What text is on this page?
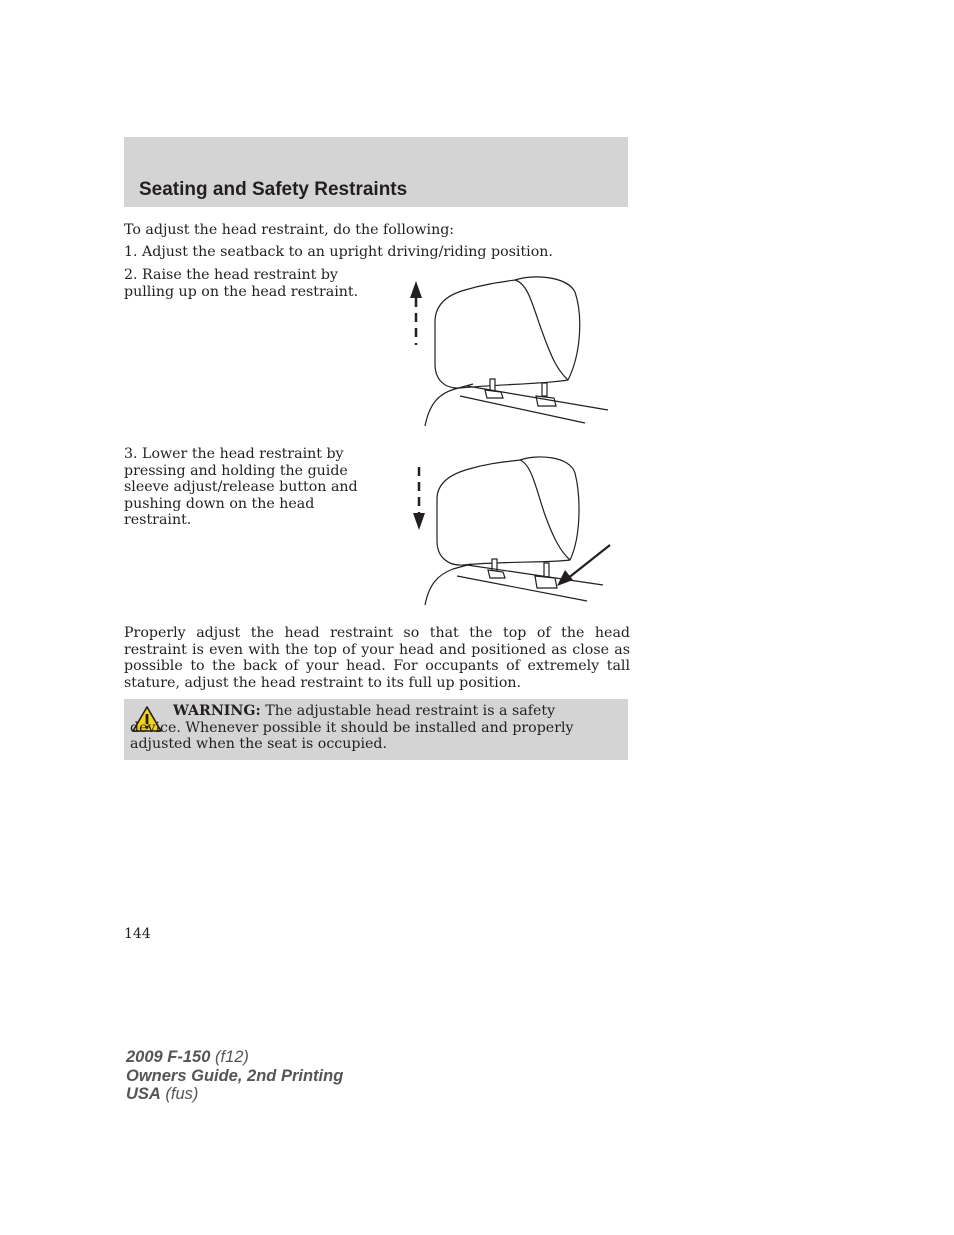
Seating and Safety Restraints

To adjust the head restraint, do the following:

1. Adjust the seatback to an upright driving/riding position.

2. Raise the head restraint by pulling up on the head restraint.

3. Lower the head restraint by pressing and holding the guide sleeve adjust/release button and pushing down on the head restraint.

Properly adjust the head restraint so that the top of the head restraint is even with the top of your head and positioned as close as possible to the back of your head. For occupants of extremely tall stature, adjust the head restraint to its full up position.

WARNING: The adjustable head restraint is a safety device. Whenever possible it should be installed and properly adjusted when the seat is occupied.

144

2009 F-150 (f12)
Owners Guide, 2nd Printing
USA (fus)
